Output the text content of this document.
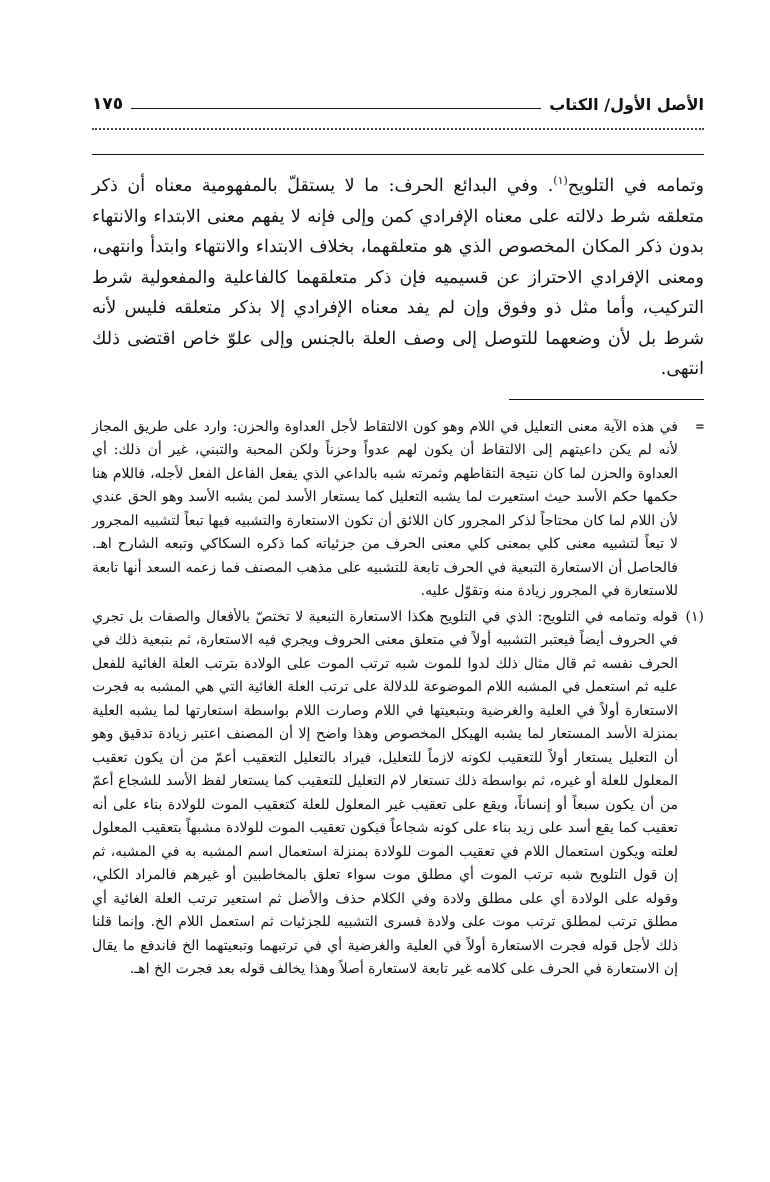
الأصل الأول/ الكتاب
١٧٥

وتمامه في التلويح$^{(١)}$. وفي البدائع الحرف: ما لا يستقلّ بالمفهومية معناه أن ذكر متعلقه شرط دلالته على معناه الإفرادي كمن وإلى فإنه لا يفهم معنى الابتداء والانتهاء بدون ذكر المكان المخصوص الذي هو متعلقهما، بخلاف الابتداء والانتهاء وابتدأ وانتهى، ومعنى الإفرادي الاحتراز عن قسيميه فإن ذكر متعلقهما كالفاعلية والمفعولية شرط التركيب، وأما مثل ذو وفوق وإن لم يفد معناه الإفرادي إلا بذكر متعلقه فليس لأنه شرط بل لأن وضعهما للتوصل إلى وصف العلة بالجنس وإلى علوّ خاص اقتضى ذلك انتهى.

=
في هذه الآية معنى التعليل في اللام وهو كون الالتقاط لأجل العداوة والحزن: وارد على طريق المجاز لأنه لم يكن داعيتهم إلى الالتقاط أن يكون لهم عدواً وحزناً ولكن المحبة والتبني، غير أن ذلك: أي العداوة والحزن لما كان نتيجة التقاطهم وثمرته شبه بالداعي الذي يفعل الفاعل الفعل لأجله، فاللام هنا حكمها حكم الأسد حيث استعيرت لما يشبه التعليل كما يستعار الأسد لمن يشبه الأسد وهو الحق عندي لأن اللام لما كان محتاجاً لذكر المجرور كان اللائق أن تكون الاستعارة والتشبيه فيها تبعاً لتشبيه المجرور لا تبعاً لتشبيه معنى كلي بمعنى كلي معنى الحرف من جزئياته كما ذكره السكاكي وتبعه الشارح اهـ. فالحاصل أن الاستعارة التبعية في الحرف تابعة للتشبيه على مذهب المصنف فما زعمه السعد أنها تابعة للاستعارة في المجرور زيادة منه وتقوّل عليه.
(١)
قوله وتمامه في التلويح: الذي في التلويح هكذا الاستعارة التبعية لا تختصّ بالأفعال والصفات بل تجري في الحروف أيضاً فيعتبر التشبيه أولاً في متعلق معنى الحروف ويجري فيه الاستعارة، ثم بتبعية ذلك في الحرف نفسه ثم قال مثال ذلك لدوا للموت شبه ترتب الموت على الولادة بترتب العلة الغائية للفعل عليه ثم استعمل في المشبه اللام الموضوعة للدلالة على ترتب العلة الغائية التي هي المشبه به فجرت الاستعارة أولاً في العلية والغرضية وبتبعيتها في اللام وصارت اللام بواسطة استعارتها لما يشبه العلية بمنزلة الأسد المستعار لما يشبه الهيكل المخصوص وهذا واضح إلا أن المصنف اعتبر زيادة تدقيق وهو أن التعليل يستعار أولاً للتعقيب لكونه لازماً للتعليل، فيراد بالتعليل التعقيب أعمّ من أن يكون تعقيب المعلول للعلة أو غيره، ثم بواسطة ذلك تستعار لام التعليل للتعقيب كما يستعار لفظ الأسد للشجاع أعمّ من أن يكون سبعاً أو إنساناً، ويقع على تعقيب غير المعلول للعلة كتعقيب الموت للولادة بناء على أنه تعقيب كما يقع أسد على زيد بناء على كونه شجاعاً فيكون تعقيب الموت للولادة مشبهاً بتعقيب المعلول لعلته ويكون استعمال اللام في تعقيب الموت للولادة بمنزلة استعمال اسم المشبه به في المشبه، ثم إن قول التلويح شبه ترتب الموت أي مطلق موت سواء تعلق بالمخاطبين أو غيرهم فالمراد الكلي، وقوله على الولادة أي على مطلق ولادة وفي الكلام حذف والأصل ثم استعير ترتب العلة الغائية أي مطلق ترتب لمطلق ترتب موت على ولادة فسرى التشبيه للجزئيات ثم استعمل اللام الخ. وإنما قلنا ذلك لأجل قوله فجرت الاستعارة أولاً في العلية والغرضية أي في ترتبهما وتبعيتهما الخ فاندفع ما يقال إن الاستعارة في الحرف على كلامه غير تابعة لاستعارة أصلاً وهذا يخالف قوله بعد فجرت الخ اهـ.
